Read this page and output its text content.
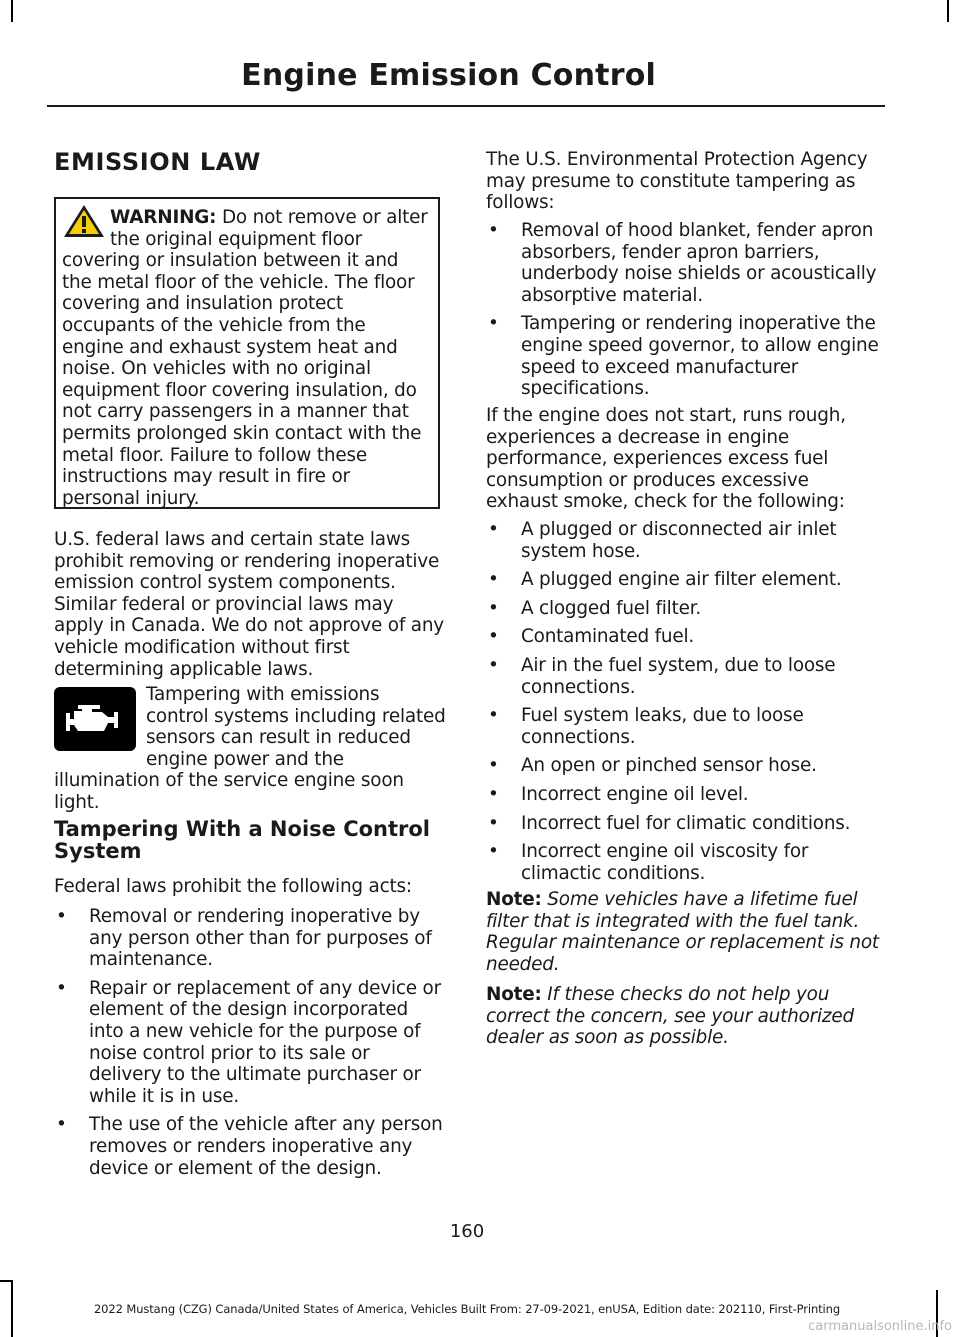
Engine Emission Control
EMISSION LAW

WARNING: Do not remove or alter the original equipment floor covering or insulation between it and the metal floor of the vehicle. The floor covering and insulation protect occupants of the vehicle from the engine and exhaust system heat and noise. On vehicles with no original equipment floor covering insulation, do not carry passengers in a manner that permits prolonged skin contact with the metal floor. Failure to follow these instructions may result in fire or personal injury.

U.S. federal laws and certain state laws prohibit removing or rendering inoperative emission control system components. Similar federal or provincial laws may apply in Canada. We do not approve of any vehicle modification without first determining applicable laws.

Tampering with emissions control systems including related sensors can result in reduced engine power and the illumination of the service engine soon light.

Tampering With a Noise Control System

Federal laws prohibit the following acts:

• Removal or rendering inoperative by any person other than for purposes of maintenance.
• Repair or replacement of any device or element of the design incorporated into a new vehicle for the purpose of noise control prior to its sale or delivery to the ultimate purchaser or while it is in use.
• The use of the vehicle after any person removes or renders inoperative any device or element of the design.

The U.S. Environmental Protection Agency may presume to constitute tampering as follows:

• Removal of hood blanket, fender apron absorbers, fender apron barriers, underbody noise shields or acoustically absorptive material.
• Tampering or rendering inoperative the engine speed governor, to allow engine speed to exceed manufacturer specifications.

If the engine does not start, runs rough, experiences a decrease in engine performance, experiences excess fuel consumption or produces excessive exhaust smoke, check for the following:

• A plugged or disconnected air inlet system hose.
• A plugged engine air filter element.
• A clogged fuel filter.
• Contaminated fuel.
• Air in the fuel system, due to loose connections.
• Fuel system leaks, due to loose connections.
• An open or pinched sensor hose.
• Incorrect engine oil level.
• Incorrect fuel for climatic conditions.
• Incorrect engine oil viscosity for climactic conditions.

Note: Some vehicles have a lifetime fuel filter that is integrated with the fuel tank. Regular maintenance or replacement is not needed.

Note: If these checks do not help you correct the concern, see your authorized dealer as soon as possible.

160
2022 Mustang (CZG) Canada/United States of America, Vehicles Built From: 27-09-2021, enUSA, Edition date: 202110, First-Printing
carmanualsonline.info
